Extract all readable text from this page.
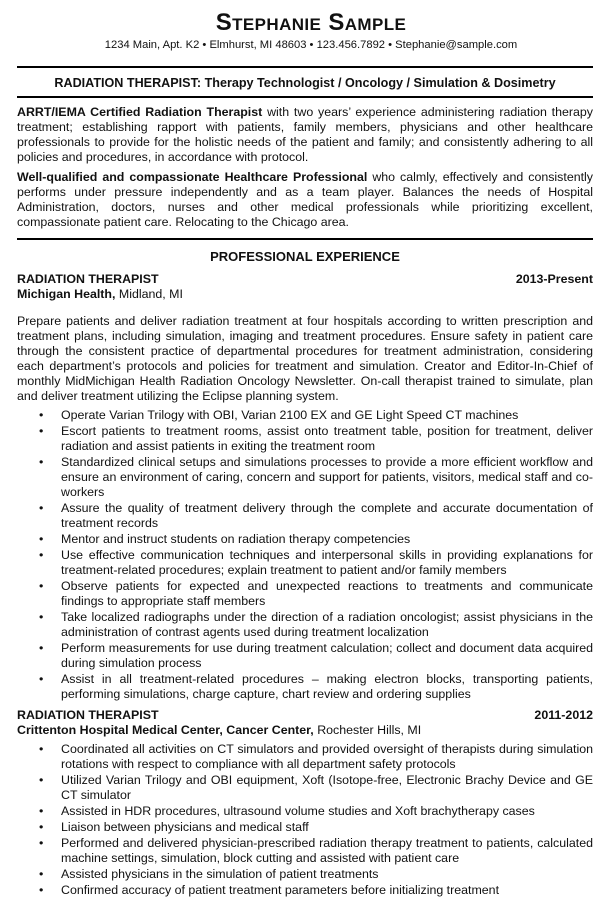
Stephanie Sample
1234 Main, Apt. K2 • Elmhurst, MI 48603 • 123.456.7892 • Stephanie@sample.com
RADIATION THERAPIST: Therapy Technologist / Oncology / Simulation & Dosimetry

ARRT/IEMA Certified Radiation Therapist with two years’ experience administering radiation therapy treatment; establishing rapport with patients, family members, physicians and other healthcare professionals to provide for the holistic needs of the patient and family; and consistently adhering to all policies and procedures, in accordance with protocol.

Well-qualified and compassionate Healthcare Professional who calmly, effectively and consistently performs under pressure independently and as a team player. Balances the needs of Hospital Administration, doctors, nurses and other medical professionals while prioritizing excellent, compassionate patient care. Relocating to the Chicago area.

PROFESSIONAL EXPERIENCE
RADIATION THERAPIST	2013-Present
Michigan Health, Midland, MI
Prepare patients and deliver radiation treatment at four hospitals according to written prescription and treatment plans, including simulation, imaging and treatment procedures. Ensure safety in patient care through the consistent practice of departmental procedures for treatment administration, considering each department’s protocols and policies for treatment and simulation. Creator and Editor-In-Chief of monthly MidMichigan Health Radiation Oncology Newsletter. On-call therapist trained to simulate, plan and deliver treatment utilizing the Eclipse planning system.
• Operate Varian Trilogy with OBI, Varian 2100 EX and GE Light Speed CT machines
• Escort patients to treatment rooms, assist onto treatment table, position for treatment, deliver radiation and assist patients in exiting the treatment room
• Standardized clinical setups and simulations processes to provide a more efficient workflow and ensure an environment of caring, concern and support for patients, visitors, medical staff and co-workers
• Assure the quality of treatment delivery through the complete and accurate documentation of treatment records
• Mentor and instruct students on radiation therapy competencies
• Use effective communication techniques and interpersonal skills in providing explanations for treatment-related procedures; explain treatment to patient and/or family members
• Observe patients for expected and unexpected reactions to treatments and communicate findings to appropriate staff members
• Take localized radiographs under the direction of a radiation oncologist; assist physicians in the administration of contrast agents used during treatment localization
• Perform measurements for use during treatment calculation; collect and document data acquired during simulation process
• Assist in all treatment-related procedures – making electron blocks, transporting patients, performing simulations, charge capture, chart review and ordering supplies
RADIATION THERAPIST	2011-2012
Crittenton Hospital Medical Center, Cancer Center, Rochester Hills, MI
• Coordinated all activities on CT simulators and provided oversight of therapists during simulation rotations with respect to compliance with all department safety protocols
• Utilized Varian Trilogy and OBI equipment, Xoft (Isotope-free, Electronic Brachy Device and GE CT simulator
• Assisted in HDR procedures, ultrasound volume studies and Xoft brachytherapy cases
• Liaison between physicians and medical staff
• Performed and delivered physician-prescribed radiation therapy treatment to patients, calculated machine settings, simulation, block cutting and assisted with patient care
• Assisted physicians in the simulation of patient treatments
• Confirmed accuracy of patient treatment parameters before initializing treatment
